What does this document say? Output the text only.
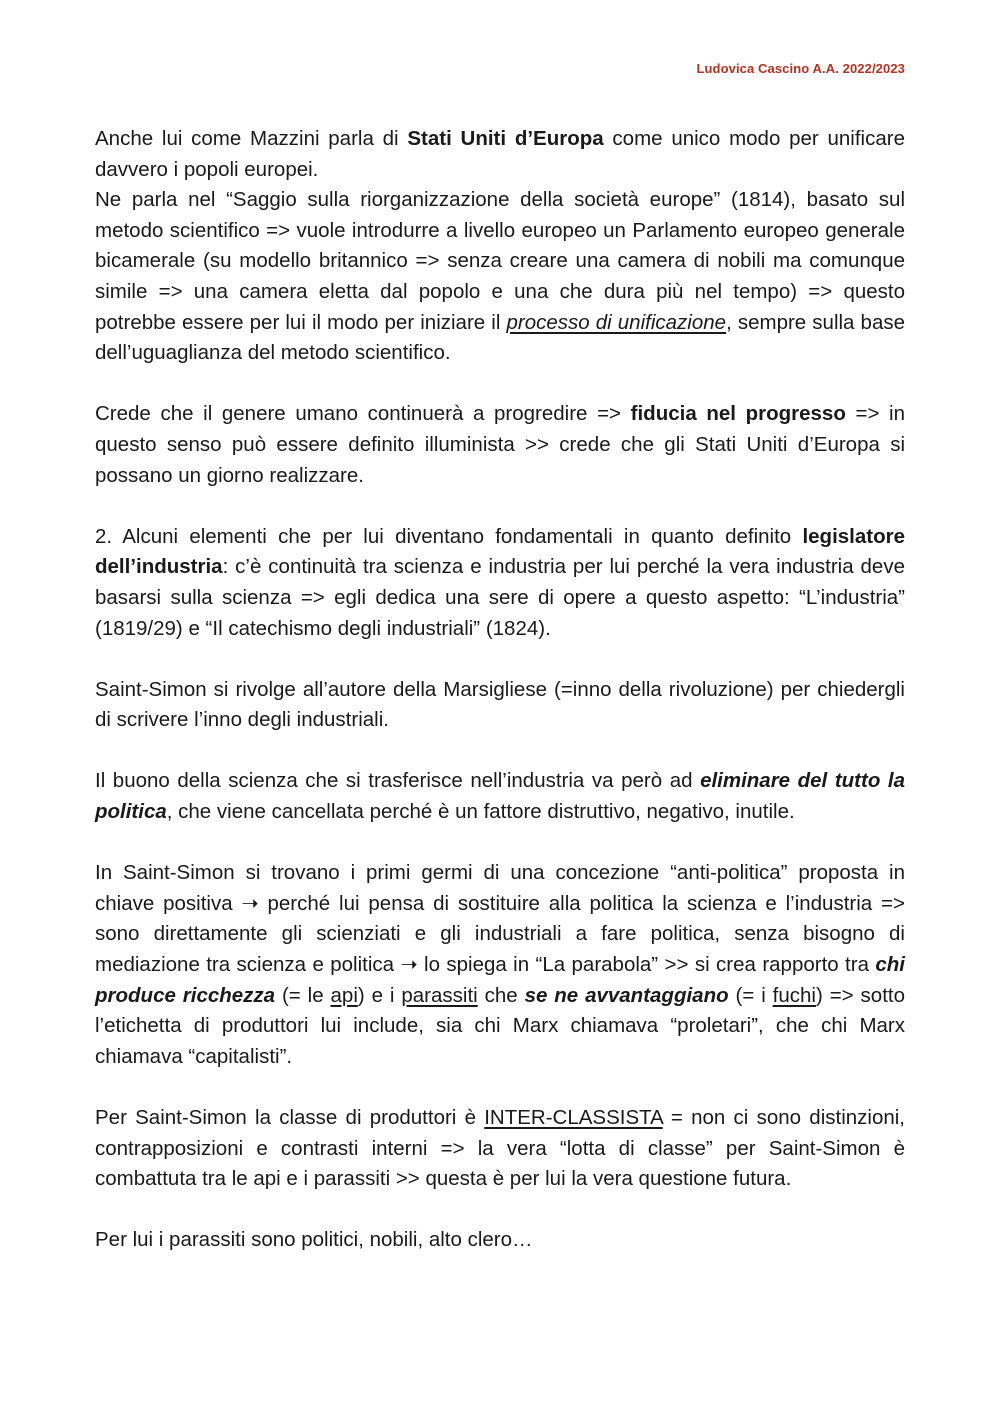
Ludovica Cascino A.A. 2022/2023

Anche lui come Mazzini parla di Stati Uniti d’Europa come unico modo per unificare davvero i popoli europei.

Ne parla nel “Saggio sulla riorganizzazione della società europe” (1814), basato sul metodo scientifico => vuole introdurre a livello europeo un Parlamento europeo generale bicamerale (su modello britannico => senza creare una camera di nobili ma comunque simile => una camera eletta dal popolo e una che dura più nel tempo) => questo potrebbe essere per lui il modo per iniziare il processo di unificazione, sempre sulla base dell’uguaglianza del metodo scientifico.

Crede che il genere umano continuerà a progredire => fiducia nel progresso => in questo senso può essere definito illuminista >> crede che gli Stati Uniti d’Europa si possano un giorno realizzare.

2. Alcuni elementi che per lui diventano fondamentali in quanto definito legislatore dell’industria: c’è continuità tra scienza e industria per lui perché la vera industria deve basarsi sulla scienza => egli dedica una sere di opere a questo aspetto: “L’industria” (1819/29) e “Il catechismo degli industriali” (1824).

Saint-Simon si rivolge all’autore della Marsigliese (=inno della rivoluzione) per chiedergli di scrivere l’inno degli industriali.

Il buono della scienza che si trasferisce nell’industria va però ad eliminare del tutto la politica, che viene cancellata perché è un fattore distruttivo, negativo, inutile.

In Saint-Simon si trovano i primi germi di una concezione “anti-politica” proposta in chiave positiva ➝ perché lui pensa di sostituire alla politica la scienza e l’industria => sono direttamente gli scienziati e gli industriali a fare politica, senza bisogno di mediazione tra scienza e politica ➝ lo spiega in “La parabola” >> si crea rapporto tra chi produce ricchezza (= le api) e i parassiti che se ne avvantaggiano (= i fuchi) => sotto l’etichetta di produttori lui include, sia chi Marx chiamava “proletari”, che chi Marx chiamava “capitalisti”.

Per Saint-Simon la classe di produttori è INTER-CLASSISTA = non ci sono distinzioni, contrapposizioni e contrasti interni => la vera “lotta di classe” per Saint-Simon è combattuta tra le api e i parassiti >> questa è per lui la vera questione futura.

Per lui i parassiti sono politici, nobili, alto clero…
